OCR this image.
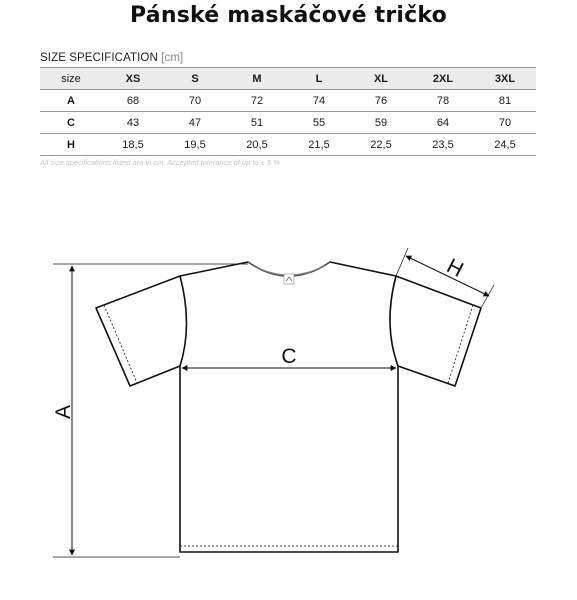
Pánské maskáčové tričko
SIZE SPECIFICATION [cm]
size	XS	S	M	L	XL	2XL	3XL
A	68	70	72	74	76	78	81
C	43	47	51	55	59	64	70
H	18,5	19,5	20,5	21,5	22,5	23,5	24,5
All size specifications listed are in cm. Accepted tolerance of up to ± 5 %
A
C
H
